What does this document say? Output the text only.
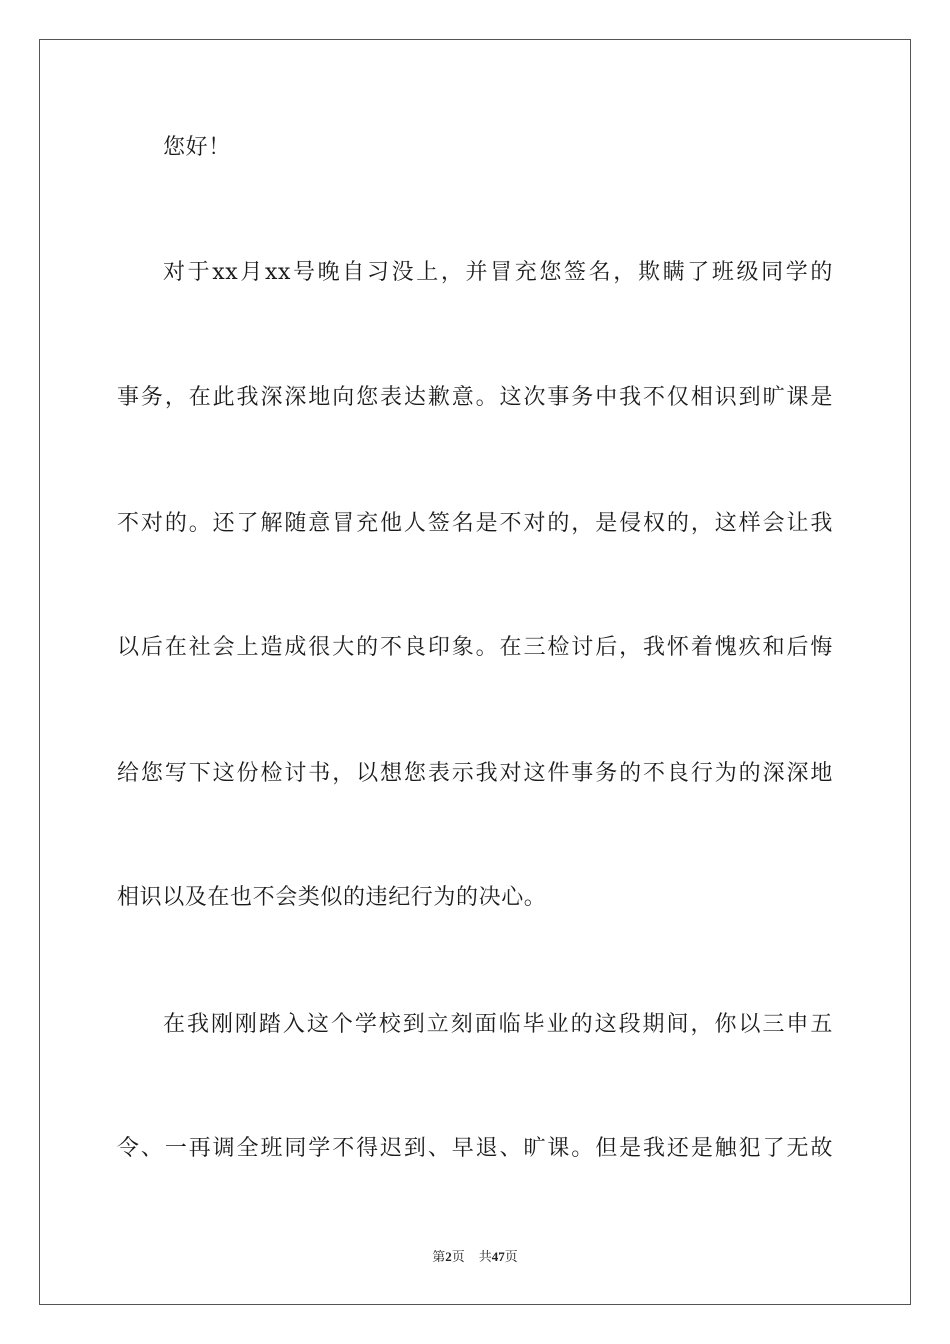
您好！
对于xx月xx号晚自习没上，并冒充您签名，欺瞒了班级同学的
事务，在此我深深地向您表达歉意。这次事务中我不仅相识到旷课是
不对的。还了解随意冒充他人签名是不对的，是侵权的，这样会让我
以后在社会上造成很大的不良印象。在三检讨后，我怀着愧疚和后悔
给您写下这份检讨书，以想您表示我对这件事务的不良行为的深深地
相识以及在也不会类似的违纪行为的决心。
在我刚刚踏入这个学校到立刻面临毕业的这段期间，你以三申五
令、一再调全班同学不得迟到、早退、旷课。但是我还是触犯了无故
第2页 共47页
